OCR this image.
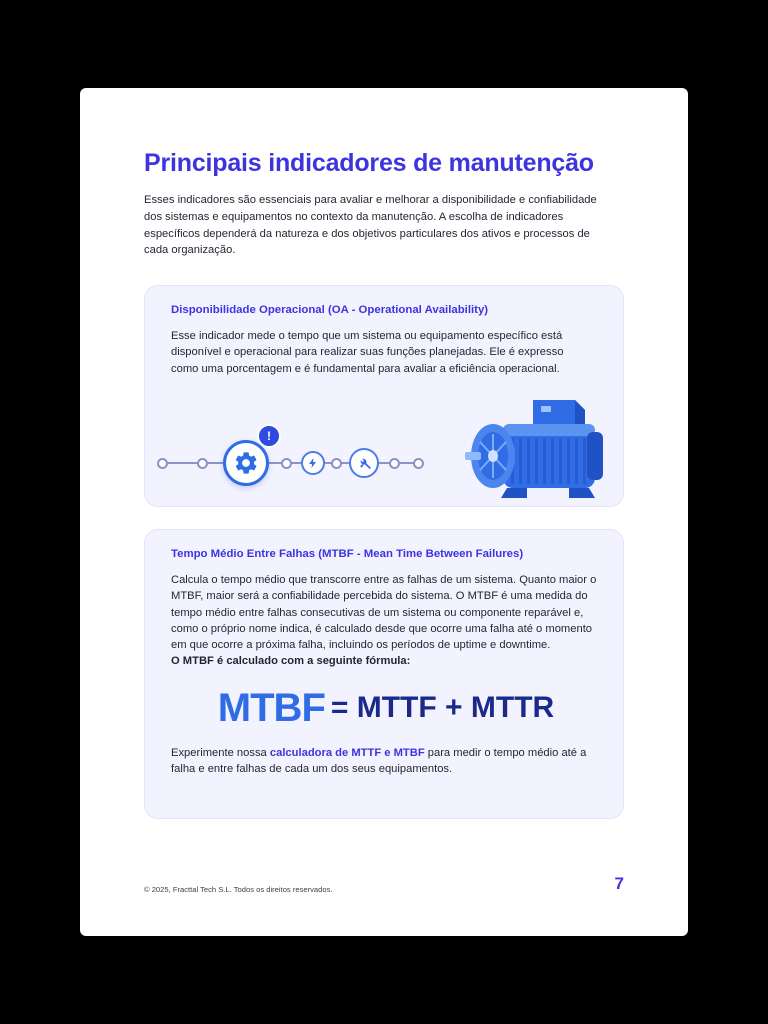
Principais indicadores de manutenção

Esses indicadores são essenciais para avaliar e melhorar a disponibilidade e confiabilidade dos sistemas e equipamentos no contexto da manutenção. A escolha de indicadores específicos dependerá da natureza e dos objetivos particulares dos ativos e processos de cada organização.

Disponibilidade Operacional (OA - Operational Availability)

Esse indicador mede o tempo que um sistema ou equipamento específico está disponível e operacional para realizar suas funções planejadas. Ele é expresso como uma porcentagem e é fundamental para avaliar a eficiência operacional.

!
Tempo Médio Entre Falhas (MTBF - Mean Time Between Failures)

Calcula o tempo médio que transcorre entre as falhas de um sistema. Quanto maior o MTBF, maior será a confiabilidade percebida do sistema. O MTBF é uma medida do tempo médio entre falhas consecutivas de um sistema ou componente reparável e, como o próprio nome indica, é calculado desde que ocorre uma falha até o momento em que ocorre a próxima falha, incluindo os períodos de uptime e downtime.

O MTBF é calculado com a seguinte fórmula:

MTBF = MTTF + MTTR

Experimente nossa calculadora de MTTF e MTBF para medir o tempo médio até a falha e entre falhas de cada um dos seus equipamentos.

© 2025, Fracttal Tech S.L. Todos os direitos reservados.	7
